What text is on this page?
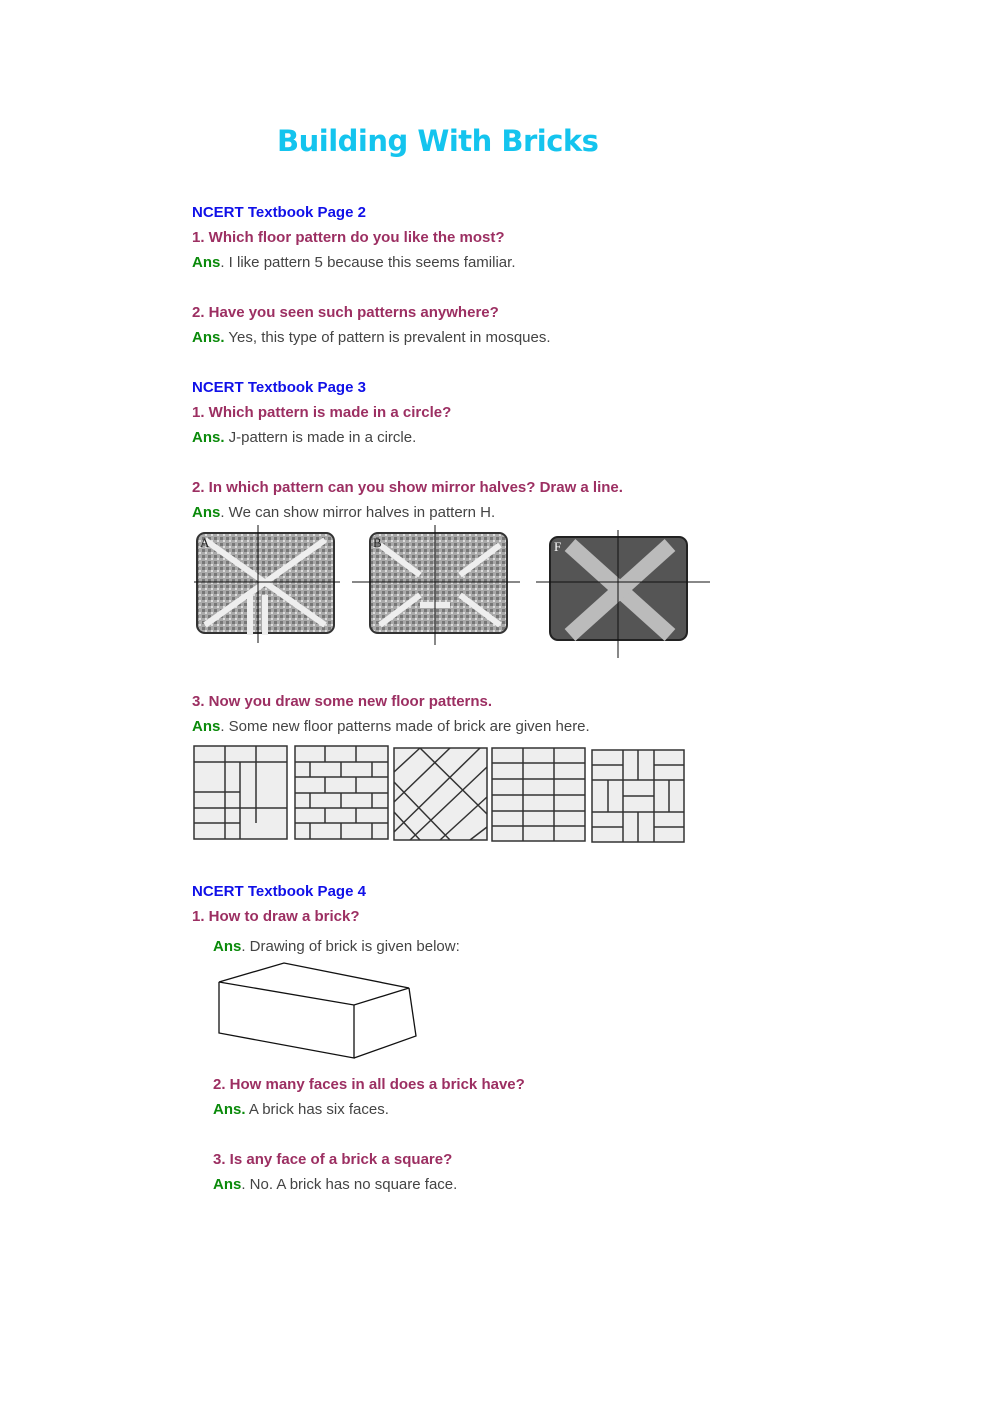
Building With Bricks
NCERT Textbook Page 2
1. Which floor pattern do you like the most?
Ans. I like pattern 5 because this seems familiar.
2. Have you seen such patterns anywhere?
Ans. Yes, this type of pattern is prevalent in mosques.
NCERT Textbook Page 3
1. Which pattern is made in a circle?
Ans. J-pattern is made in a circle.
2. In which pattern can you show mirror halves? Draw a line.
Ans. We can show mirror halves in pattern H.
A	B	F
3. Now you draw some new floor patterns.
Ans. Some new floor patterns made of brick are given here.
NCERT Textbook Page 4
1. How to draw a brick?
Ans. Drawing of brick is given below:
2. How many faces in all does a brick have?
Ans. A brick has six faces.
3. Is any face of a brick a square?
Ans. No. A brick has no square face.
